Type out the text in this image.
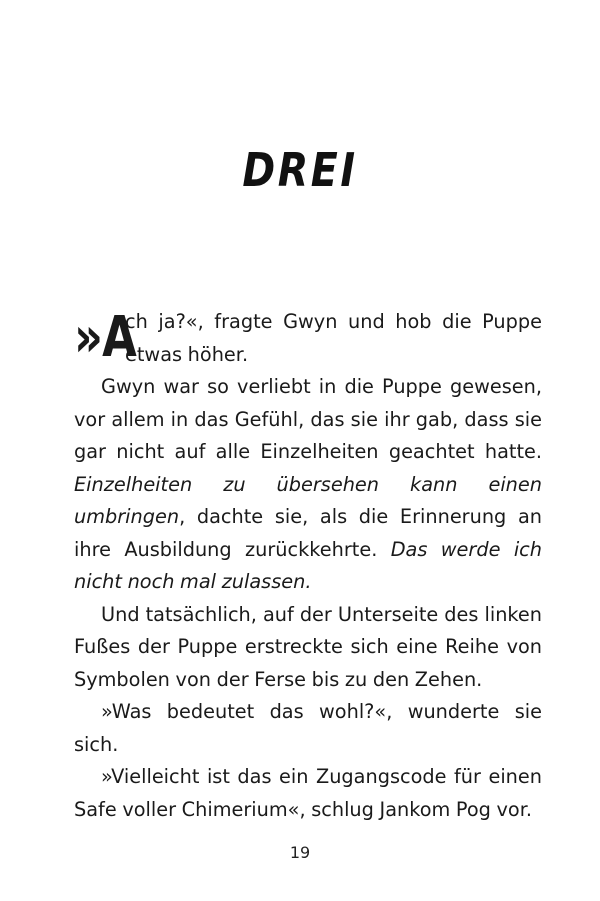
DREI

»A
ch ja?«, fragte Gwyn und hob die Puppe etwas höher.

Gwyn war so verliebt in die Puppe gewesen, vor allem in das Gefühl, das sie ihr gab, dass sie gar nicht auf alle Einzelheiten geachtet hatte. Einzelheiten zu übersehen kann einen umbringen, dachte sie, als die Erinnerung an ihre Ausbildung zurückkehrte. Das werde ich nicht noch mal zulassen.

Und tatsächlich, auf der Unterseite des linken Fußes der Puppe erstreckte sich eine Reihe von Symbolen von der Ferse bis zu den Zehen.

»Was bedeutet das wohl?«, wunderte sie sich.

»Vielleicht ist das ein Zugangscode für einen Safe voller Chimerium«, schlug Jankom Pog vor.

19
